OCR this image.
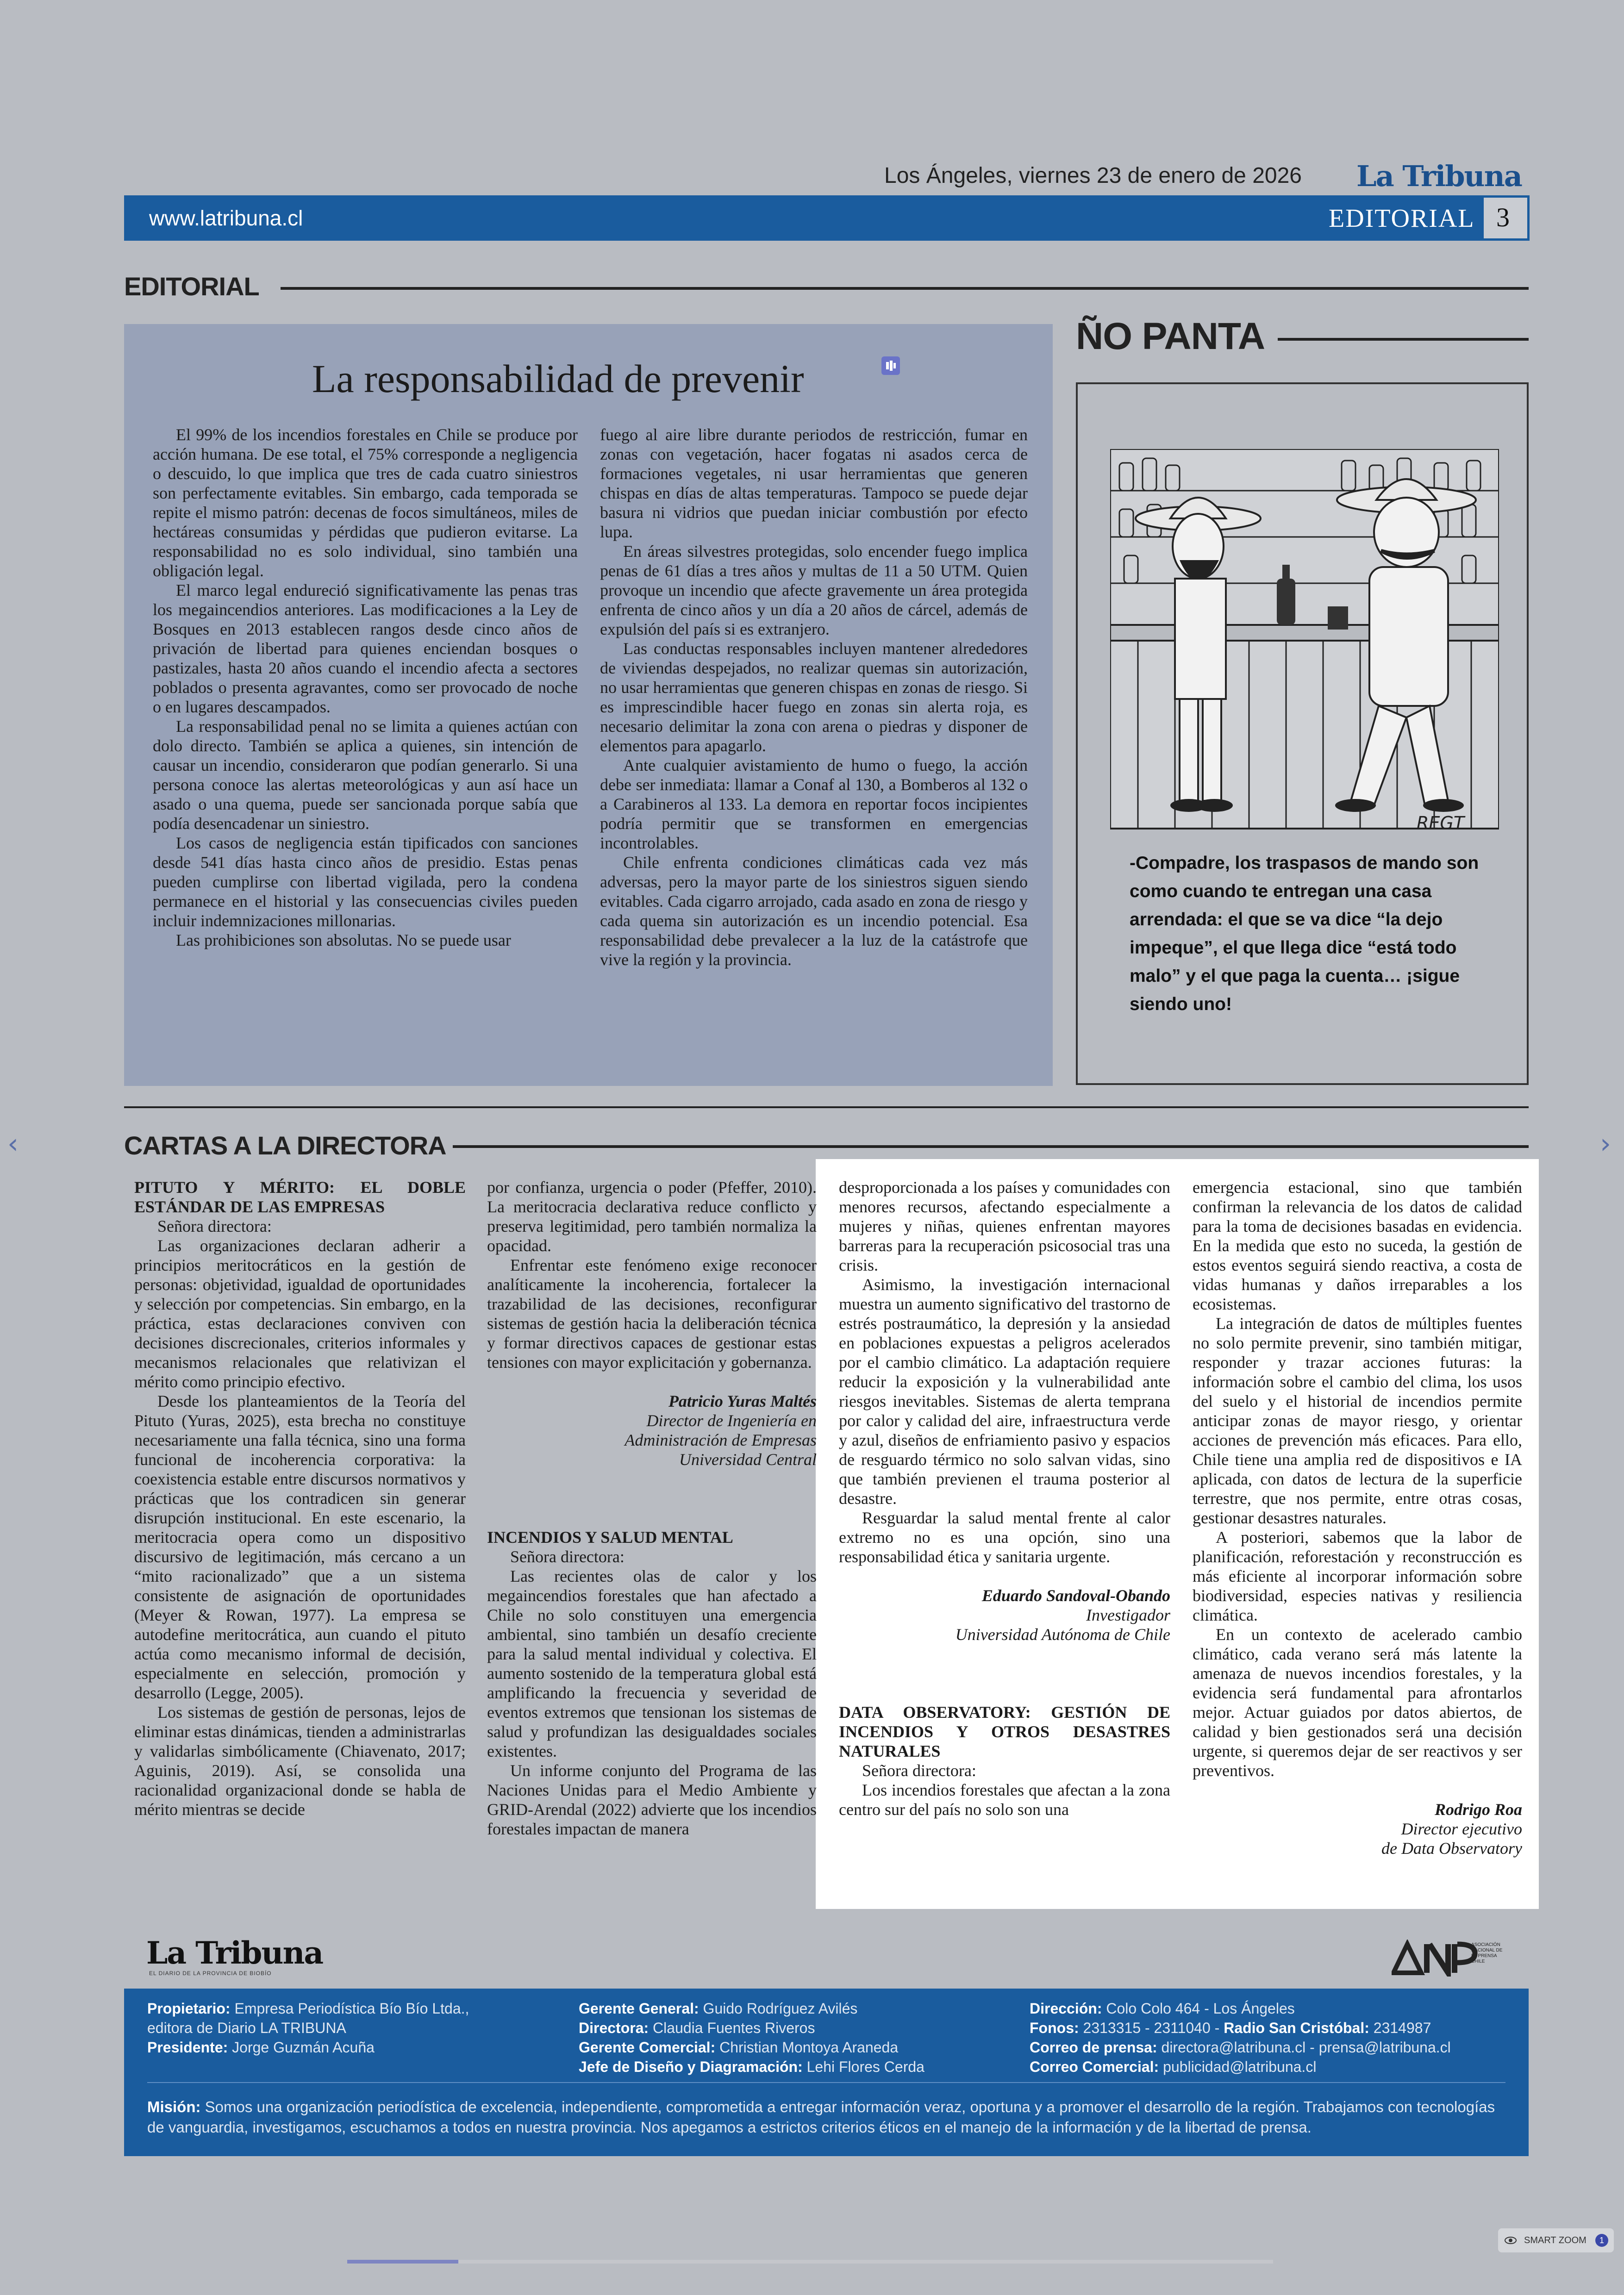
Los Ángeles, viernes 23 de enero de 2026 La Tribuna
www.latribuna.cl	EDITORIAL 3
EDITORIAL
La responsabilidad de prevenir

El 99% de los incendios forestales en Chile se produce por acción humana. De ese total, el 75% corresponde a negligencia o descuido, lo que implica que tres de cada cuatro siniestros son perfectamente evitables. Sin embargo, cada temporada se repite el mismo patrón: decenas de focos simultáneos, miles de hectáreas consumidas y pérdidas que pudieron evitarse. La responsabilidad no es solo individual, sino también una obligación legal.

El marco legal endureció significativamente las penas tras los megaincendios anteriores. Las modificaciones a la Ley de Bosques en 2013 establecen rangos desde cinco años de privación de libertad para quienes enciendan bosques o pastizales, hasta 20 años cuando el incendio afecta a sectores poblados o presenta agravantes, como ser provocado de noche o en lugares descampados.

La responsabilidad penal no se limita a quienes actúan con dolo directo. También se aplica a quienes, sin intención de causar un incendio, consideraron que podían generarlo. Si una persona conoce las alertas meteorológicas y aun así hace un asado o una quema, puede ser sancionada porque sabía que podía desencadenar un siniestro.

Los casos de negligencia están tipificados con sanciones desde 541 días hasta cinco años de presidio. Estas penas pueden cumplirse con libertad vigilada, pero la condena permanece en el historial y las consecuencias civiles pueden incluir indemnizaciones millonarias.

Las prohibiciones son absolutas. No se puede usar

fuego al aire libre durante periodos de restricción, fumar en zonas con vegetación, hacer fogatas ni asados cerca de formaciones vegetales, ni usar herramientas que generen chispas en días de altas temperaturas. Tampoco se puede dejar basura ni vidrios que puedan iniciar combustión por efecto lupa.

En áreas silvestres protegidas, solo encender fuego implica penas de 61 días a tres años y multas de 11 a 50 UTM. Quien provoque un incendio que afecte gravemente un área protegida enfrenta de cinco años y un día a 20 años de cárcel, además de expulsión del país si es extranjero.

Las conductas responsables incluyen mantener alrededores de viviendas despejados, no realizar quemas sin autorización, no usar herramientas que generen chispas en zonas de riesgo. Si es imprescindible hacer fuego en zonas sin alerta roja, es necesario delimitar la zona con arena o piedras y disponer de elementos para apagarlo.

Ante cualquier avistamiento de humo o fuego, la acción debe ser inmediata: llamar a Conaf al 130, a Bomberos al 132 o a Carabineros al 133. La demora en reportar focos incipientes podría permitir que se transformen en emergencias incontrolables.

Chile enfrenta condiciones climáticas cada vez más adversas, pero la mayor parte de los siniestros siguen siendo evitables. Cada cigarro arrojado, cada asado en zona de riesgo y cada quema sin autorización es un incendio potencial. Esa responsabilidad debe prevalecer a la luz de la catástrofe que vive la región y la provincia.

ÑO PANTA
REGT
-Compadre, los traspasos de mando son como cuando te entregan una casa arrendada: el que se va dice “la dejo impeque”, el que llega dice “está todo malo” y el que paga la cuenta… ¡sigue siendo uno!
CARTAS A LA DIRECTORA
‹	›

PITUTO Y MÉRITO: EL DOBLE ESTÁNDAR DE LAS EMPRESAS

Señora directora:

Las organizaciones declaran adherir a principios meritocráticos en la gestión de personas: objetividad, igualdad de oportunidades y selección por competencias. Sin embargo, en la práctica, estas declaraciones conviven con decisiones discrecionales, criterios informales y mecanismos relacionales que relativizan el mérito como principio efectivo.

Desde los planteamientos de la Teoría del Pituto (Yuras, 2025), esta brecha no constituye necesariamente una falla técnica, sino una forma funcional de incoherencia corporativa: la coexistencia estable entre discursos normativos y prácticas que los contradicen sin generar disrupción institucional. En este escenario, la meritocracia opera como un dispositivo discursivo de legitimación, más cercano a un “mito racionalizado” que a un sistema consistente de asignación de oportunidades (Meyer & Rowan, 1977). La empresa se autodefine meritocrática, aun cuando el pituto actúa como mecanismo informal de decisión, especialmente en selección, promoción y desarrollo (Legge, 2005).

Los sistemas de gestión de personas, lejos de eliminar estas dinámicas, tienden a administrarlas y validarlas simbólicamente (Chiavenato, 2017; Aguinis, 2019). Así, se consolida una racionalidad organizacional donde se habla de mérito mientras se decide

por confianza, urgencia o poder (Pfeffer, 2010). La meritocracia declarativa reduce conflicto y preserva legitimidad, pero también normaliza la opacidad.

Enfrentar este fenómeno exige reconocer analíticamente la incoherencia, fortalecer la trazabilidad de las decisiones, reconfigurar sistemas de gestión hacia la deliberación técnica y formar directivos capaces de gestionar estas tensiones con mayor explicitación y gobernanza.

Patricio Yuras Maltés

Director de Ingeniería en

Administración de Empresas

Universidad Central

INCENDIOS Y SALUD MENTAL

Señora directora:

Las recientes olas de calor y los megaincendios forestales que han afectado a Chile no solo constituyen una emergencia ambiental, sino también un desafío creciente para la salud mental individual y colectiva. El aumento sostenido de la temperatura global está amplificando la frecuencia y severidad de eventos extremos que tensionan los sistemas de salud y profundizan las desigualdades sociales existentes.

Un informe conjunto del Programa de las Naciones Unidas para el Medio Ambiente y GRID-Arendal (2022) advierte que los incendios forestales impactan de manera

desproporcionada a los países y comunidades con menores recursos, afectando especialmente a mujeres y niñas, quienes enfrentan mayores barreras para la recuperación psicosocial tras una crisis.

Asimismo, la investigación internacional muestra un aumento significativo del trastorno de estrés postraumático, la depresión y la ansiedad en poblaciones expuestas a peligros acelerados por el cambio climático. La adaptación requiere reducir la exposición y la vulnerabilidad ante riesgos inevitables. Sistemas de alerta temprana por calor y calidad del aire, infraestructura verde y azul, diseños de enfriamiento pasivo y espacios de resguardo térmico no solo salvan vidas, sino que también previenen el trauma posterior al desastre.

Resguardar la salud mental frente al calor extremo no es una opción, sino una responsabilidad ética y sanitaria urgente.

Eduardo Sandoval-Obando

Investigador

Universidad Autónoma de Chile

DATA OBSERVATORY: GESTIÓN DE INCENDIOS Y OTROS DESASTRES NATURALES

Señora directora:

Los incendios forestales que afectan a la zona centro sur del país no solo son una

emergencia estacional, sino que también confirman la relevancia de los datos de calidad para la toma de decisiones basadas en evidencia. En la medida que esto no suceda, la gestión de estos eventos seguirá siendo reactiva, a costa de vidas humanas y daños irreparables a los ecosistemas.

La integración de datos de múltiples fuentes no solo permite prevenir, sino también mitigar, responder y trazar acciones futuras: la información sobre el cambio del clima, los usos del suelo y el historial de incendios permite anticipar zonas de mayor riesgo, y orientar acciones de prevención más eficaces. Para ello, Chile tiene una amplia red de dispositivos e IA aplicada, con datos de lectura de la superficie terrestre, que nos permite, entre otras cosas, gestionar desastres naturales.

A posteriori, sabemos que la labor de planificación, reforestación y reconstrucción es más eficiente al incorporar información sobre biodiversidad, especies nativas y resiliencia climática.

En un contexto de acelerado cambio climático, cada verano será más latente la amenaza de nuevos incendios forestales, y la evidencia será fundamental para afrontarlos mejor. Actuar guiados por datos abiertos, de calidad y bien gestionados será una decisión urgente, si queremos dejar de ser reactivos y ser preventivos.

Rodrigo Roa

Director ejecutivo

de Data Observatory

La Tribuna
EL DIARIO DE LA PROVINCIA DE BIOBÍO
ASOCIACIÓN NACIONAL DE LA PRENSA CHILE
Propietario: Empresa Periodística Bío Bío Ltda.,
editora de Diario LA TRIBUNA
Presidente: Jorge Guzmán Acuña
Gerente General: Guido Rodríguez Avilés
Directora: Claudia Fuentes Riveros
Gerente Comercial: Christian Montoya Araneda
Jefe de Diseño y Diagramación: Lehi Flores Cerda
Dirección: Colo Colo 464 - Los Ángeles
Fonos: 2313315 - 2311040 - Radio San Cristóbal: 2314987
Correo de prensa: directora@latribuna.cl - prensa@latribuna.cl
Correo Comercial: publicidad@latribuna.cl
Misión: Somos una organización periodística de excelencia, independiente, comprometida a entregar información veraz, oportuna y a promover el desarrollo de la región. Trabajamos con tecnologías de vanguardia, investigamos, escuchamos a todos en nuestra provincia. Nos apegamos a estrictos criterios éticos en el manejo de la información y de la libertad de prensa.
SMART ZOOM	1
